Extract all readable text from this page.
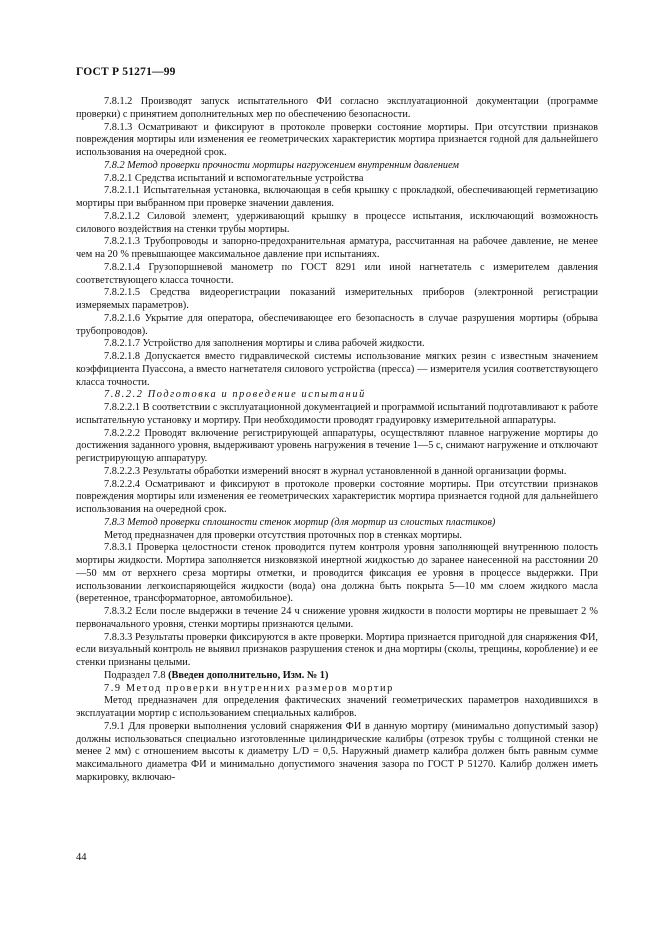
ГОСТ Р 51271—99

7.8.1.2 Производят запуск испытательного ФИ согласно эксплуатационной документации (программе проверки) с принятием дополнительных мер по обеспечению безопасности.

7.8.1.3 Осматривают и фиксируют в протоколе проверки состояние мортиры. При отсутствии признаков повреждения мортиры или изменения ее геометрических характеристик мортира признается годной для дальнейшего использования на очередной срок.

7.8.2 Метод проверки прочности мортиры нагружением внутренним давлением

7.8.2.1 Средства испытаний и вспомогательные устройства

7.8.2.1.1 Испытательная установка, включающая в себя крышку с прокладкой, обеспечивающей герметизацию мортиры при выбранном при проверке значении давления.

7.8.2.1.2 Силовой элемент, удерживающий крышку в процессе испытания, исключающий возможность силового воздействия на стенки трубы мортиры.

7.8.2.1.3 Трубопроводы и запорно-предохранительная арматура, рассчитанная на рабочее давление, не менее чем на 20 % превышающее максимальное давление при испытаниях.

7.8.2.1.4 Грузопоршневой манометр по ГОСТ 8291 или иной нагнетатель с измерителем давления соответствующего класса точности.

7.8.2.1.5 Средства видеорегистрации показаний измерительных приборов (электронной регистрации измеряемых параметров).

7.8.2.1.6 Укрытие для оператора, обеспечивающее его безопасность в случае разрушения мортиры (обрыва трубопроводов).

7.8.2.1.7 Устройство для заполнения мортиры и слива рабочей жидкости.

7.8.2.1.8 Допускается вместо гидравлической системы использование мягких резин с известным значением коэффициента Пуассона, а вместо нагнетателя силового устройства (пресса) — измерителя усилия соответствующего класса точности.

7.8.2.2 Подготовка и проведение испытаний

7.8.2.2.1 В соответствии с эксплуатационной документацией и программой испытаний подготавливают к работе испытательную установку и мортиру. При необходимости проводят градуировку измерительной аппаратуры.

7.8.2.2.2 Проводят включение регистрирующей аппаратуры, осуществляют плавное нагружение мортиры до достижения заданного уровня, выдерживают уровень нагружения в течение 1—5 с, снимают нагружение и отключают регистрирующую аппаратуру.

7.8.2.2.3 Результаты обработки измерений вносят в журнал установленной в данной организации формы.

7.8.2.2.4 Осматривают и фиксируют в протоколе проверки состояние мортиры. При отсутствии признаков повреждения мортиры или изменения ее геометрических характеристик мортира признается годной для дальнейшего использования на очередной срок.

7.8.3 Метод проверки сплошности стенок мортир (для мортир из слоистых пластиков)

Метод предназначен для проверки отсутствия проточных пор в стенках мортиры.

7.8.3.1 Проверка целостности стенок проводится путем контроля уровня заполняющей внутреннюю полость мортиры жидкости. Мортира заполняется низковязкой инертной жидкостью до заранее нанесенной на расстоянии 20—50 мм от верхнего среза мортиры отметки, и проводится фиксация ее уровня в процессе выдержки. При использовании легкоиспаряющейся жидкости (вода) она должна быть покрыта 5—10 мм слоем жидкого масла (веретенное, трансформаторное, автомобильное).

7.8.3.2 Если после выдержки в течение 24 ч снижение уровня жидкости в полости мортиры не превышает 2 % первоначального уровня, стенки мортиры признаются целыми.

7.8.3.3 Результаты проверки фиксируются в акте проверки. Мортира признается пригодной для снаряжения ФИ, если визуальный контроль не выявил признаков разрушения стенок и дна мортиры (сколы, трещины, коробление) и ее стенки признаны целыми.

Подраздел 7.8 (Введен дополнительно, Изм. № 1)

7.9 Метод проверки внутренних размеров мортир

Метод предназначен для определения фактических значений геометрических параметров находившихся в эксплуатации мортир с использованием специальных калибров.

7.9.1 Для проверки выполнения условий снаряжения ФИ в данную мортиру (минимально допустимый зазор) должны использоваться специально изготовленные цилиндрические калибры (отрезок трубы с толщиной стенки не менее 2 мм) с отношением высоты к диаметру L/D = 0,5. Наружный диаметр калибра должен быть равным сумме максимального диаметра ФИ и минимально допустимого значения зазора по ГОСТ Р 51270. Калибр должен иметь маркировку, включаю-

44
